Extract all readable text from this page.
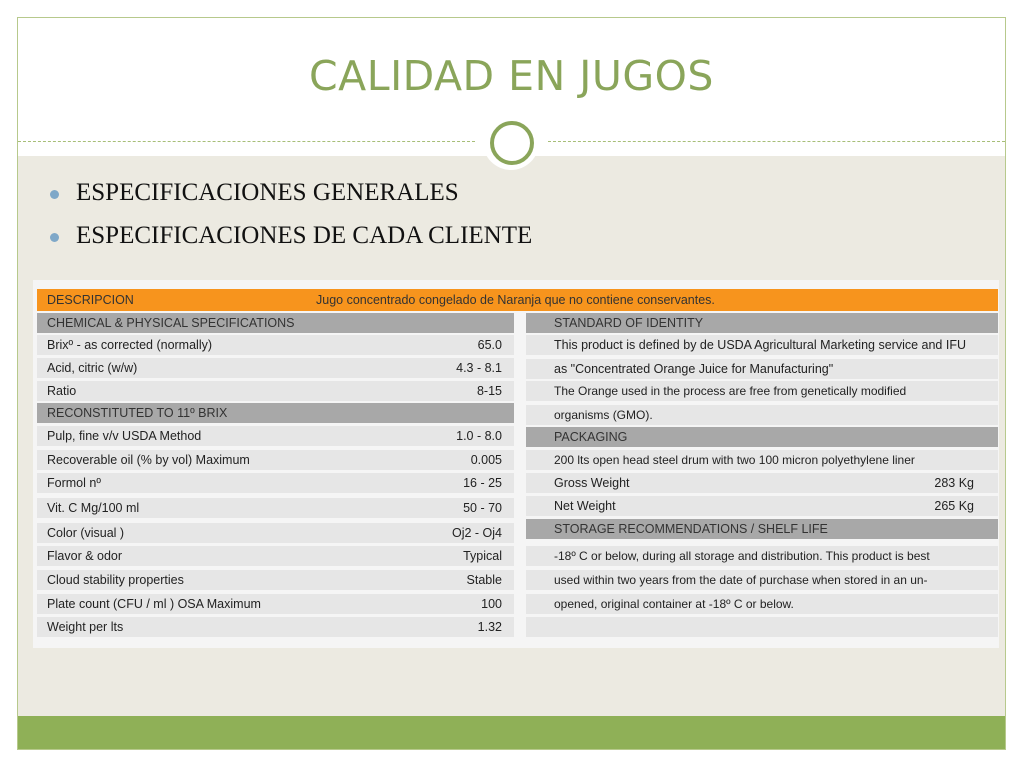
CALIDAD EN JUGOS
ESPECIFICACIONES GENERALES
ESPECIFICACIONES DE CADA CLIENTE
DESCRIPCION	Jugo concentrado congelado de Naranja que no contiene conservantes.
CHEMICAL & PHYSICAL SPECIFICATIONS
Brixº - as corrected (normally)	65.0
Acid, citric (w/w)	4.3 - 8.1
Ratio	8-15
RECONSTITUTED TO 11º BRIX
Pulp, fine v/v USDA Method	1.0 - 8.0
Recoverable oil (% by vol) Maximum	0.005
Formol nº	16 - 25
Vit. C Mg/100 ml	50 - 70
Color (visual )	Oj2 - Oj4
Flavor & odor	Typical
Cloud stability properties	Stable
Plate count (CFU / ml ) OSA Maximum	100
Weight per lts	1.32
STANDARD OF IDENTITY
This product is defined by de USDA Agricultural Marketing service and IFU
as "Concentrated Orange Juice for Manufacturing"
The Orange used in the process are free from genetically modified
organisms (GMO).
PACKAGING
200 lts open head steel drum with two 100 micron polyethylene liner
Gross Weight	283 Kg
Net Weight	265 Kg
STORAGE RECOMMENDATIONS / SHELF LIFE
-18º C or below, during all storage and distribution. This product is best
used within two years from the date of purchase when stored in an un-
opened, original container at -18º C or below.
